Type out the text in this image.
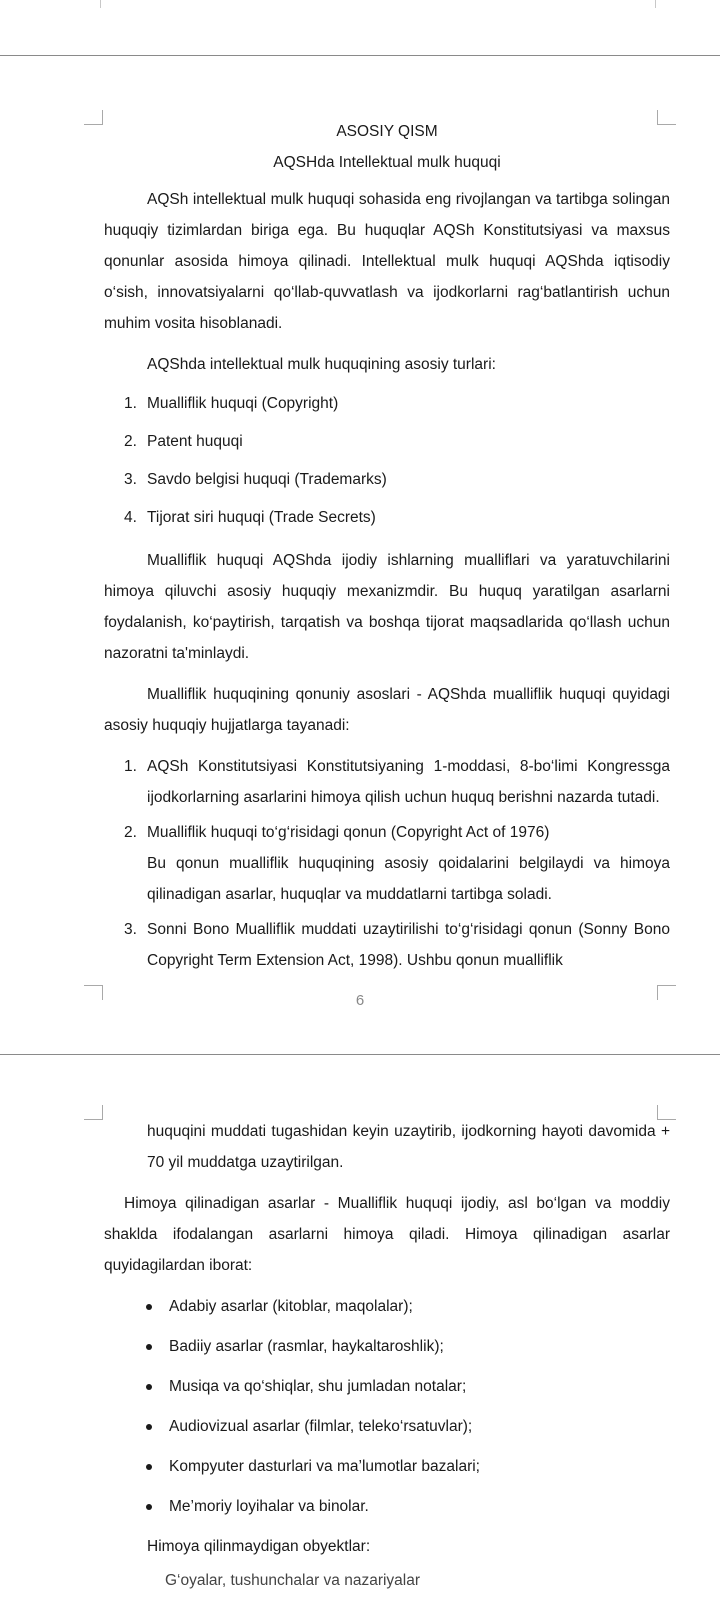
ASOSIY QISM
AQSHda Intellektual mulk huquqi

AQSh intellektual mulk huquqi sohasida eng rivojlangan va tartibga solingan huquqiy tizimlardan biriga ega. Bu huquqlar AQSh Konstitutsiyasi va maxsus qonunlar asosida himoya qilinadi. Intellektual mulk huquqi AQShda iqtisodiy o‘sish, innovatsiyalarni qo‘llab-quvvatlash va ijodkorlarni rag‘batlantirish uchun muhim vosita hisoblanadi.

AQShda intellektual mulk huquqining asosiy turlari:

1. Mualliflik huquqi (Copyright)
2. Patent huquqi
3. Savdo belgisi huquqi (Trademarks)
4. Tijorat siri huquqi (Trade Secrets)

Mualliflik huquqi AQShda ijodiy ishlarning mualliflari va yaratuvchilarini himoya qiluvchi asosiy huquqiy mexanizmdir. Bu huquq yaratilgan asarlarni foydalanish, ko‘paytirish, tarqatish va boshqa tijorat maqsadlarida qo‘llash uchun nazoratni ta'minlaydi.

Mualliflik huquqining qonuniy asoslari - AQShda mualliflik huquqi quyidagi asosiy huquqiy hujjatlarga tayanadi:

1. AQSh Konstitutsiyasi Konstitutsiyaning 1-moddasi, 8-bo‘limi Kongressga ijodkorlarning asarlarini himoya qilish uchun huquq berishni nazarda tutadi.
2. Mualliflik huquqi to‘g‘risidagi qonun (Copyright Act of 1976)
Bu qonun mualliflik huquqining asosiy qoidalarini belgilaydi va himoya qilinadigan asarlar, huquqlar va muddatlarni tartibga soladi.
3. Sonni Bono Mualliflik muddati uzaytirilishi to‘g‘risidagi qonun (Sonny Bono Copyright Term Extension Act, 1998). Ushbu qonun mualliflik
6

huquqini muddati tugashidan keyin uzaytirib, ijodkorning hayoti davomida + 70 yil muddatga uzaytirilgan.

Himoya qilinadigan asarlar - Mualliflik huquqi ijodiy, asl bo‘lgan va moddiy shaklda ifodalangan asarlarni himoya qiladi. Himoya qilinadigan asarlar quyidagilardan iborat:

Adabiy asarlar (kitoblar, maqolalar);
Badiiy asarlar (rasmlar, haykaltaroshlik);
Musiqa va qo‘shiqlar, shu jumladan notalar;
Audiovizual asarlar (filmlar, teleko‘rsatuvlar);
Kompyuter dasturlari va ma’lumotlar bazalari;
Me’moriy loyihalar va binolar.

Himoya qilinmaydigan obyektlar:

G‘oyalar, tushunchalar va nazariyalar
